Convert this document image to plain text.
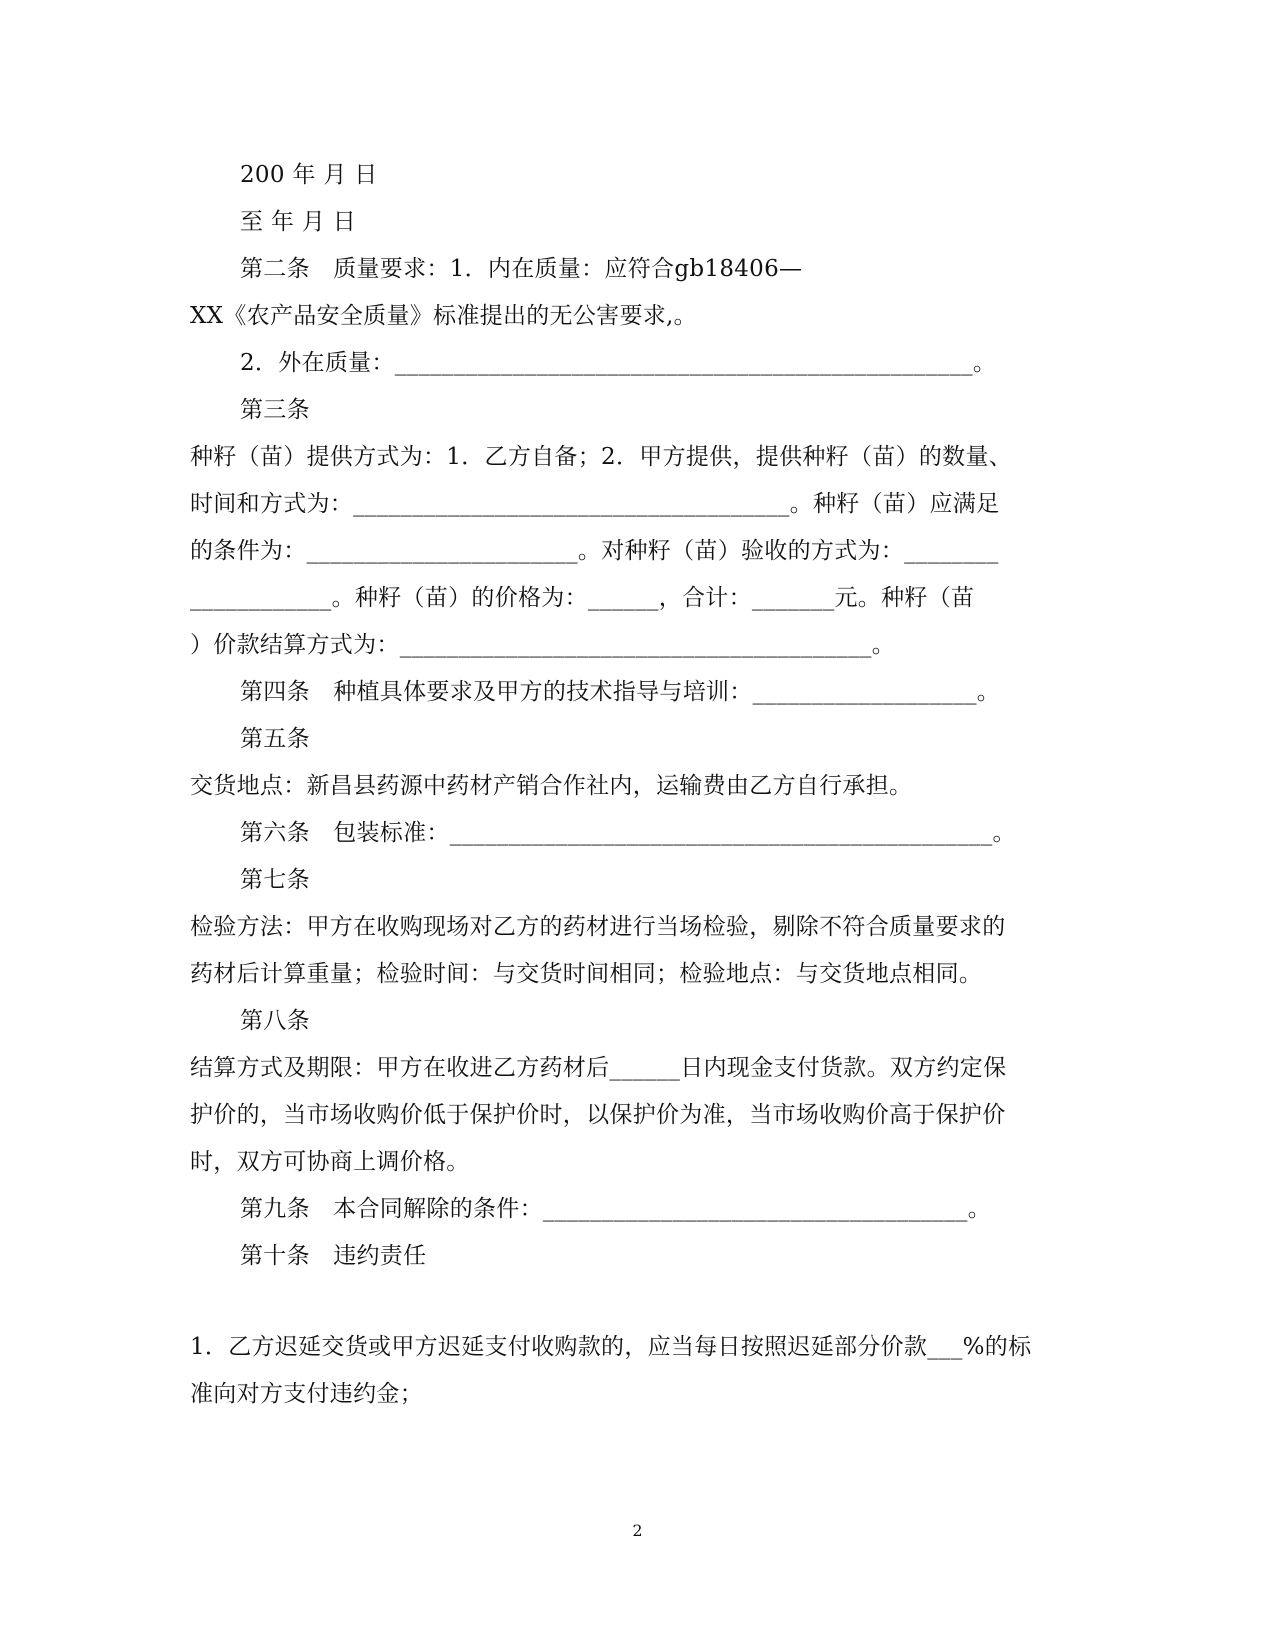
200 年 月 日
至 年 月 日
第二条　质量要求：1．内在质量：应符合gb18406—
XX《农产品安全质量》标准提出的无公害要求,。
2．外在质量：_________________________________________________。
第三条
种籽（苗）提供方式为：1．乙方自备；2．甲方提供，提供种籽（苗）的数量、
时间和方式为：_____________________________________。种籽（苗）应满足
的条件为：_______________________。对种籽（苗）验收的方式为：________
____________。种籽（苗）的价格为：______，合计：_______元。种籽（苗
）价款结算方式为：________________________________________。
第四条　种植具体要求及甲方的技术指导与培训：___________________。
第五条
交货地点：新昌县药源中药材产销合作社内，运输费由乙方自行承担。
第六条　包装标准：______________________________________________。
第七条
检验方法：甲方在收购现场对乙方的药材进行当场检验，剔除不符合质量要求的
药材后计算重量；检验时间：与交货时间相同；检验地点：与交货地点相同。
第八条
结算方式及期限：甲方在收进乙方药材后______日内现金支付货款。双方约定保
护价的，当市场收购价低于保护价时，以保护价为准，当市场收购价高于保护价
时，双方可协商上调价格。
第九条　本合同解除的条件：____________________________________。
第十条　违约责任
1．乙方迟延交货或甲方迟延支付收购款的，应当每日按照迟延部分价款___%的标
准向对方支付违约金；
2
